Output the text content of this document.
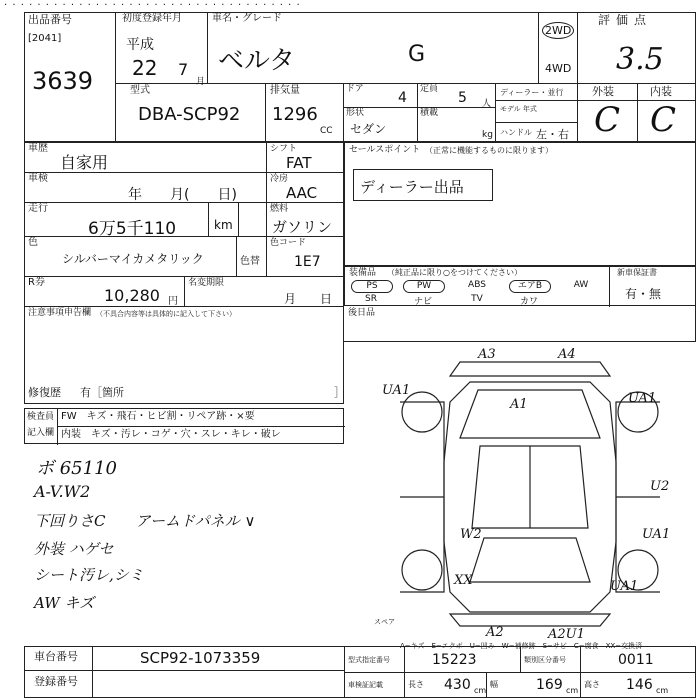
· · · · · · · · · · · · · · · · · · · · · · · · · · · · · · · · · · · ·
出品番号
[2041]
3639
初度登録年月
平成
22 7
月
車名・グレード
ベルタ	G
2WD
4WD
評価点
3.5
型式
DBA-SCP92
排気量
1296
CC
ドア
4
定員
5 人
形状
セダン
積載
kg
ディーラー・並行
モデル 年式
ハンドル 左・右
外装	内装
C C
車歴
自家用
シフト
FAT
車検
年　　月(　　日)
冷房
AAC
走行
6万5千110	km
燃料
ガソリン
色
シルバーマイカメタリック	色替
色コード
1E7
R券
10,280 円
名変期限
月　　日
注意事項申告欄 （不具合内容等は具体的に記入して下さい）
修復歴 有［箇所	］
セールスポイント （正常に機能するものに限ります）
ディーラー出品
装備品 （純正品に限り○をつけてください）	新車保証書
有・無
PS	PW	ABS	エアB	AW
SR	ナビ	TV	カワ
後日品
検査員
記入欄
FW　キズ・飛石・ヒビ割・リペア跡・×要
内装　キズ・汚レ・コゲ・穴・スレ・キレ・破レ
ボ 65110
A-V.W2
下回りさC　　アームドパネル ∨
外装 ハゲセ
シート汚レ,シミ
AW キズ
A3	A4
UA1
A1	UA1
U2
W2	UA1
XX	UA1
A2	A2U1
スペア
A−キズ　E−エクボ　U−凹み　W−補修跡　S−サビ　C−腐食　XX−交換済
車台番号	SCP92-1073359
登録番号
型式指定番号	15223	類別区分番号	0011
車検証記載	長さ 430 cm
幅	169 cm
高さ 146 cm
